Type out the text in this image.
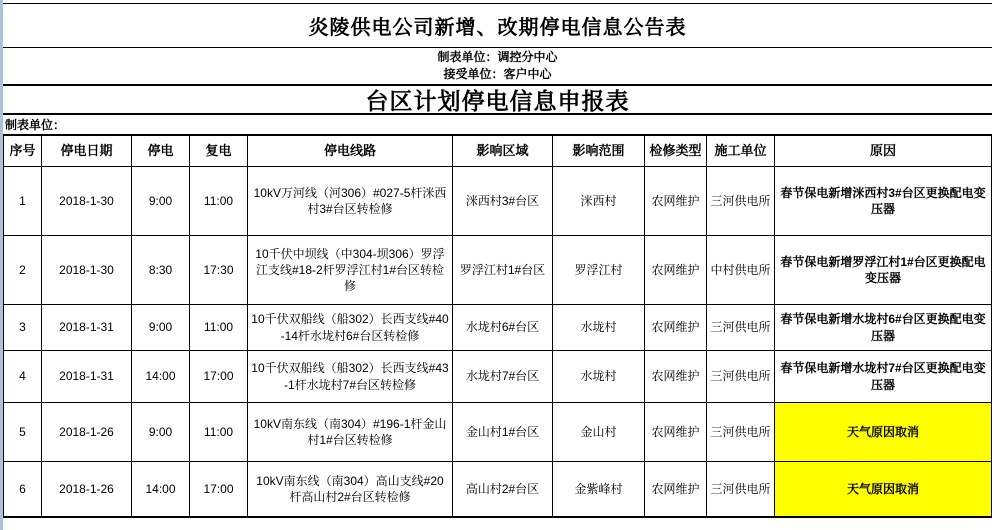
炎陵供电公司新增、改期停电信息公告表
制表单位：调控分中心
接受单位：客户中心
台区计划停电信息申报表
制表单位：
序号	停电日期	停电	复电	停电线路	影响区域	影响范围	检修类型	施工单位	原因
1	2018-1-30	9:00	11:00	10kV万河线（河306）#027-5杆洣西村3#台区转检修	洣西村3#台区	洣西村	农网维护	三河供电所	春节保电新增洣西村3#台区更换配电变压器
2	2018-1-30	8:30	17:30	10千伏中坝线（中304-坝306）罗浮江支线#18-2杆罗浮江村1#台区转检修	罗浮江村1#台区	罗浮江村	农网维护	中村供电所	春节保电新增罗浮江村1#台区更换配电变压器
3	2018-1-31	9:00	11:00	10千伏双船线（船302）长西支线#40-14杆水垅村6#台区转检修	水垅村6#台区	水垅村	农网维护	三河供电所	春节保电新增水垅村6#台区更换配电变压器
4	2018-1-31	14:00	17:00	10千伏双船线（船302）长西支线#43-1杆水垅村7#台区转检修	水垅村7#台区	水垅村	农网维护	三河供电所	春节保电新增水垅村7#台区更换配电变压器
5	2018-1-26	9:00	11:00	10kV南东线（南304）#196-1杆金山村1#台区转检修	金山村1#台区	金山村	农网维护	三河供电所	天气原因取消
6	2018-1-26	14:00	17:00	10kV南东线（南304）高山支线#20杆高山村2#台区转检修	高山村2#台区	金紫峰村	农网维护	三河供电所	天气原因取消
